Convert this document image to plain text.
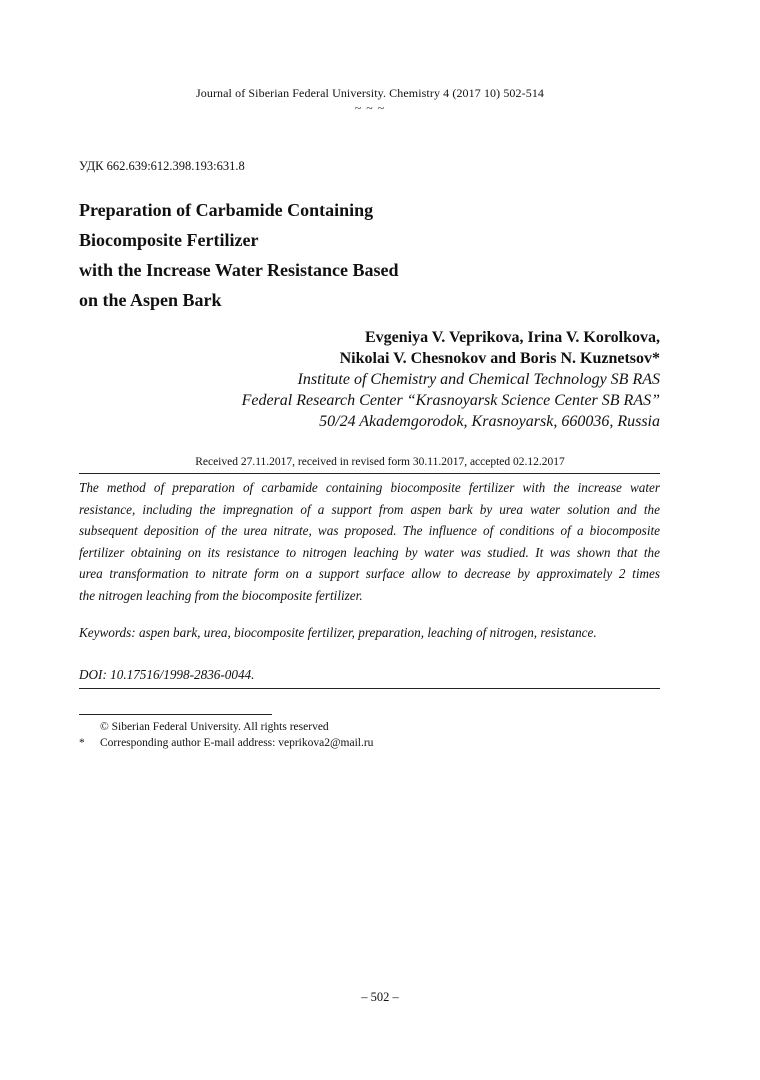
Journal of Siberian Federal University. Chemistry 4 (2017 10) 502-514
~ ~ ~
УДК 662.639:612.398.193:631.8
Preparation of Carbamide Containing
Biocomposite Fertilizer
with the Increase Water Resistance Based
on the Aspen Bark
Evgeniya V. Veprikova, Irina V. Korolkova,
Nikolai V. Chesnokov and Boris N. Kuznetsov*
Institute of Chemistry and Chemical Technology SB RAS
Federal Research Center “Krasnoyarsk Science Center SB RAS”
50/24 Akademgorodok, Krasnoyarsk, 660036, Russia
Received 27.11.2017, received in revised form 30.11.2017, accepted 02.12.2017
The method of preparation of carbamide containing biocomposite fertilizer with the increase water
resistance, including the impregnation of a support from aspen bark by urea water solution and the
subsequent deposition of the urea nitrate, was proposed. The influence of conditions of a biocomposite
fertilizer obtaining on its resistance to nitrogen leaching by water was studied. It was shown that the
urea transformation to nitrate form on a support surface allow to decrease by approximately 2 times
the nitrogen leaching from the biocomposite fertilizer.
Keywords: aspen bark, urea, biocomposite fertilizer, preparation, leaching of nitrogen, resistance.
DOI: 10.17516/1998-2836-0044.
© Siberian Federal University. All rights reserved
*	Corresponding author E-mail address: veprikova2@mail.ru
– 502 –
